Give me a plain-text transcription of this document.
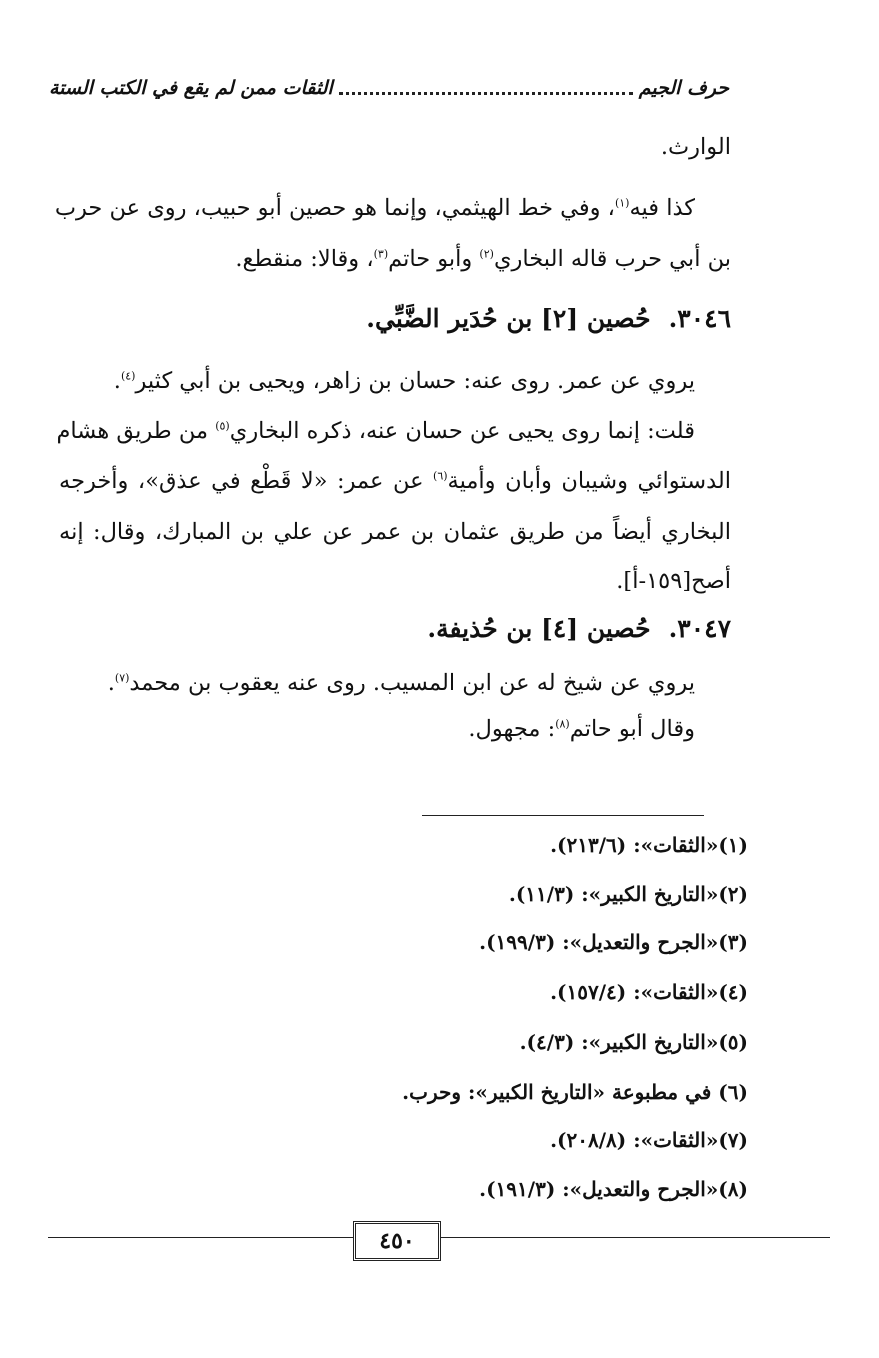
حرف الجيم
الثقات ممن لم يقع في الكتب الستة
الوارث.
كذا فيه$^{(١)}$، وفي خط الهيثمي، وإنما هو حصين أبو حبيب، روى عن حرب
بن أبي حرب قاله البخاري$^{(٢)}$ وأبو حاتم$^{(٣)}$، وقالا: منقطع.
٣٠٤٦.حُصين [٢] بن حُدَير الضَّبِّي.
يروي عن عمر. روى عنه: حسان بن زاهر، ويحيى بن أبي كثير$^{(٤)}$.
قلت: إنما روى يحيى عن حسان عنه، ذكره البخاري$^{(٥)}$ من طريق هشام
الدستوائي وشيبان وأبان وأمية$^{(٦)}$ عن عمر: «لا قَطْع في عذق»، وأخرجه
البخاري أيضاً من طريق عثمان بن عمر عن علي بن المبارك، وقال: إنه
أصح[١٥٩-أ].
٣٠٤٧.حُصين [٤] بن حُذيفة.
يروي عن شيخ له عن ابن المسيب. روى عنه يعقوب بن محمد$^{(٧)}$.
وقال أبو حاتم$^{(٨)}$: مجهول.
(١)«الثقات»: (٢١٣/٦).
(٢)«التاريخ الكبير»: (١١/٣).
(٣)«الجرح والتعديل»: (١٩٩/٣).
(٤)«الثقات»: (١٥٧/٤).
(٥)«التاريخ الكبير»: (٤/٣).
(٦) في مطبوعة «التاريخ الكبير»: وحرب.
(٧)«الثقات»: (٢٠٨/٨).
(٨)«الجرح والتعديل»: (١٩١/٣).
٤٥٠
